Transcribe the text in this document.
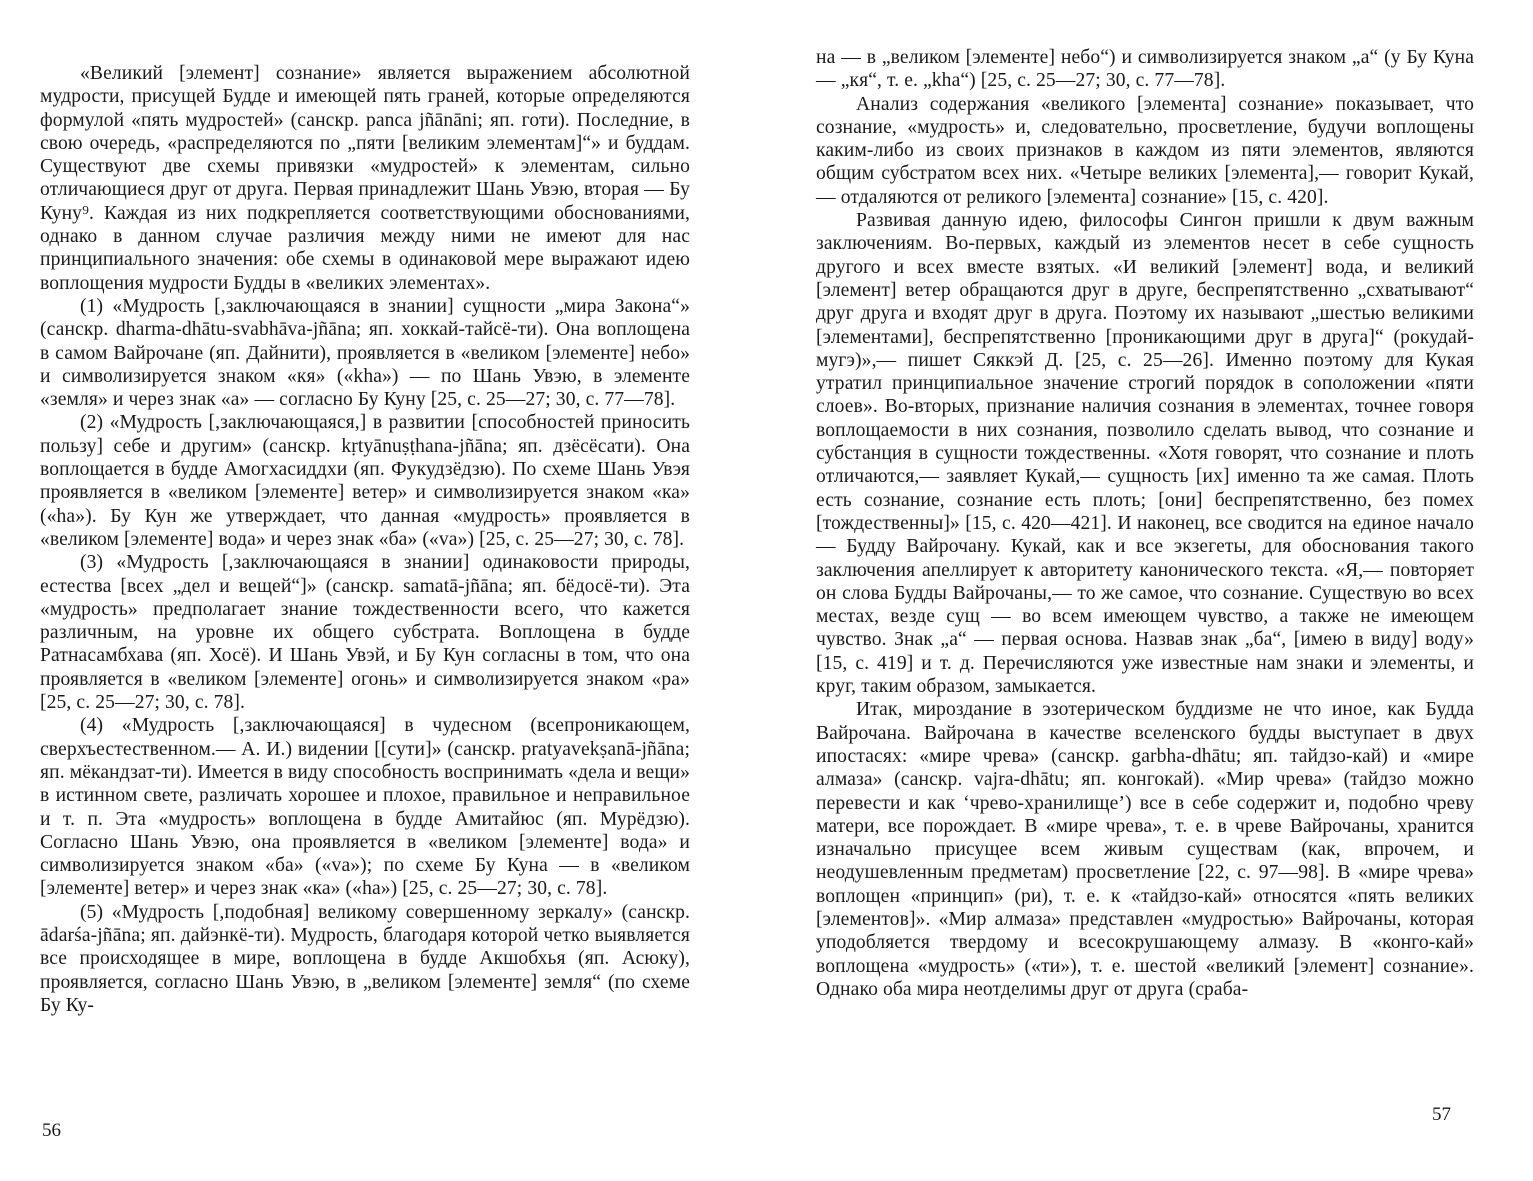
«Великий [элемент] сознание» является выражением абсолютной мудрости, присущей Будде и имеющей пять граней, которые определяются формулой «пять мудростей» (санскр. panca jñānāni; яп. готи). Последние, в свою очередь, «распределяются по „пяти [великим элементам]“» и буддам. Существуют две схемы привязки «мудростей» к элементам, сильно отличающиеся друг от друга. Первая принадлежит Шань Увэю, вторая — Бу Куну⁹. Каждая из них подкрепляется соответствующими обоснованиями, однако в данном случае различия между ними не имеют для нас принципиального значения: обе схемы в одинаковой мере выражают идею воплощения мудрости Будды в «великих элементах».

(1) «Мудрость [,заключающаяся в знании] сущности „мира Закона“» (санскр. dharma-dhātu-svabhāva-jñāna; яп. хоккай-тайсё-ти). Она воплощена в самом Вайрочане (яп. Дайнити), проявляется в «великом [элементе] небо» и символизируется знаком «кя» («kha») — по Шань Увэю, в элементе «земля» и через знак «а» — согласно Бу Куну [25, с. 25—27; 30, с. 77—78].

(2) «Мудрость [,заключающаяся,] в развитии [способностей приносить пользу] себе и другим» (санскр. kṛtyānuṣṭhana-jñāna; яп. дзёсёсати). Она воплощается в будде Амогхасиддхи (яп. Фукудзёдзю). По схеме Шань Увэя проявляется в «великом [элементе] ветер» и символизируется знаком «ка» («ha»). Бу Кун же утверждает, что данная «мудрость» проявляется в «великом [элементе] вода» и через знак «ба» («va») [25, с. 25—27; 30, с. 78].

(3) «Мудрость [,заключающаяся в знании] одинаковости природы, естества [всех „дел и вещей“]» (санскр. samatā-jñāna; яп. бёдосё-ти). Эта «мудрость» предполагает знание тождественности всего, что кажется различным, на уровне их общего субстрата. Воплощена в будде Ратнасамбхава (яп. Хосё). И Шань Увэй, и Бу Кун согласны в том, что она проявляется в «великом [элементе] огонь» и символизируется знаком «ра» [25, с. 25—27; 30, с. 78].

(4) «Мудрость [,заключающаяся] в чудесном (всепроникающем, сверхъестественном.— А. И.) видении [[сути]» (санскр. pratyavekṣanā-jñāna; яп. мёкандзат-ти). Имеется в виду способность воспринимать «дела и вещи» в истинном свете, различать хорошее и плохое, правильное и неправильное и т. п. Эта «мудрость» воплощена в будде Амитайюс (яп. Мурёдзю). Согласно Шань Увэю, она проявляется в «великом [элементе] вода» и символизируется знаком «ба» («va»); по схеме Бу Куна — в «великом [элементе] ветер» и через знак «ка» («ha») [25, с. 25—27; 30, с. 78].

(5) «Мудрость [,подобная] великому совершенному зеркалу» (санскр. ādarśa-jñāna; яп. дайэнкё-ти). Мудрость, благодаря которой четко выявляется все происходящее в мире, воплощена в будде Акшобхья (яп. Асюку), проявляется, согласно Шань Увэю, в „великом [элементе] земля“ (по схеме Бу Ку-

56

на — в „великом [элементе] небо“) и символизируется знаком „а“ (у Бу Куна — „кя“, т. е. „kha“) [25, с. 25—27; 30, с. 77—78].

Анализ содержания «великого [элемента] сознание» показывает, что сознание, «мудрость» и, следовательно, просветление, будучи воплощены каким-либо из своих признаков в каждом из пяти элементов, являются общим субстратом всех них. «Четыре великих [элемента],— говорит Кукай,— отдаляются от реликого [элемента] сознание» [15, с. 420].

Развивая данную идею, философы Сингон пришли к двум важным заключениям. Во-первых, каждый из элементов несет в себе сущность другого и всех вместе взятых. «И великий [элемент] вода, и великий [элемент] ветер обращаются друг в друге, беспрепятственно „схватывают“ друг друга и входят друг в друга. Поэтому их называют „шестью великими [элементами], беспрепятственно [проникающими друг в друга]“ (рокудай-мугэ)»,— пишет Сяккэй Д. [25, с. 25—26]. Именно поэтому для Кукая утратил принципиальное значение строгий порядок в соположении «пяти слоев». Во-вторых, признание наличия сознания в элементах, точнее говоря воплощаемости в них сознания, позволило сделать вывод, что сознание и субстанция в сущности тождественны. «Хотя говорят, что сознание и плоть отличаются,— заявляет Кукай,— сущность [их] именно та же самая. Плоть есть сознание, сознание есть плоть; [они] беспрепятственно, без помех [тождественны]» [15, с. 420—421]. И наконец, все сводится на единое начало — Будду Вайрочану. Кукай, как и все экзегеты, для обоснования такого заключения апеллирует к авторитету канонического текста. «Я,— повторяет он слова Будды Вайрочаны,— то же самое, что сознание. Существую во всех местах, везде сущ — во всем имеющем чувство, а также не имеющем чувство. Знак „а“ — первая основа. Назвав знак „ба“, [имею в виду] воду» [15, с. 419] и т. д. Перечисляются уже известные нам знаки и элементы, и круг, таким образом, замыкается.

Итак, мироздание в эзотерическом буддизме не что иное, как Будда Вайрочана. Вайрочана в качестве вселенского будды выступает в двух ипостасях: «мире чрева» (санскр. garbha-dhātu; яп. тайдзо-кай) и «мире алмаза» (санскр. vajra-dhātu; яп. конгокай). «Мир чрева» (тайдзо можно перевести и как ‘чрево-хранилище’) все в себе содержит и, подобно чреву матери, все порождает. В «мире чрева», т. е. в чреве Вайрочаны, хранится изначально присущее всем живым существам (как, впрочем, и неодушевленным предметам) просветление [22, с. 97—98]. В «мире чрева» воплощен «принцип» (ри), т. е. к «тайдзо-кай» относятся «пять великих [элементов]». «Мир алмаза» представлен «мудростью» Вайрочаны, которая уподобляется твердому и всесокрушающему алмазу. В «конго-кай» воплощена «мудрость» («ти»), т. е. шестой «великий [элемент] сознание». Однако оба мира неотделимы друг от друга (сраба-

57
